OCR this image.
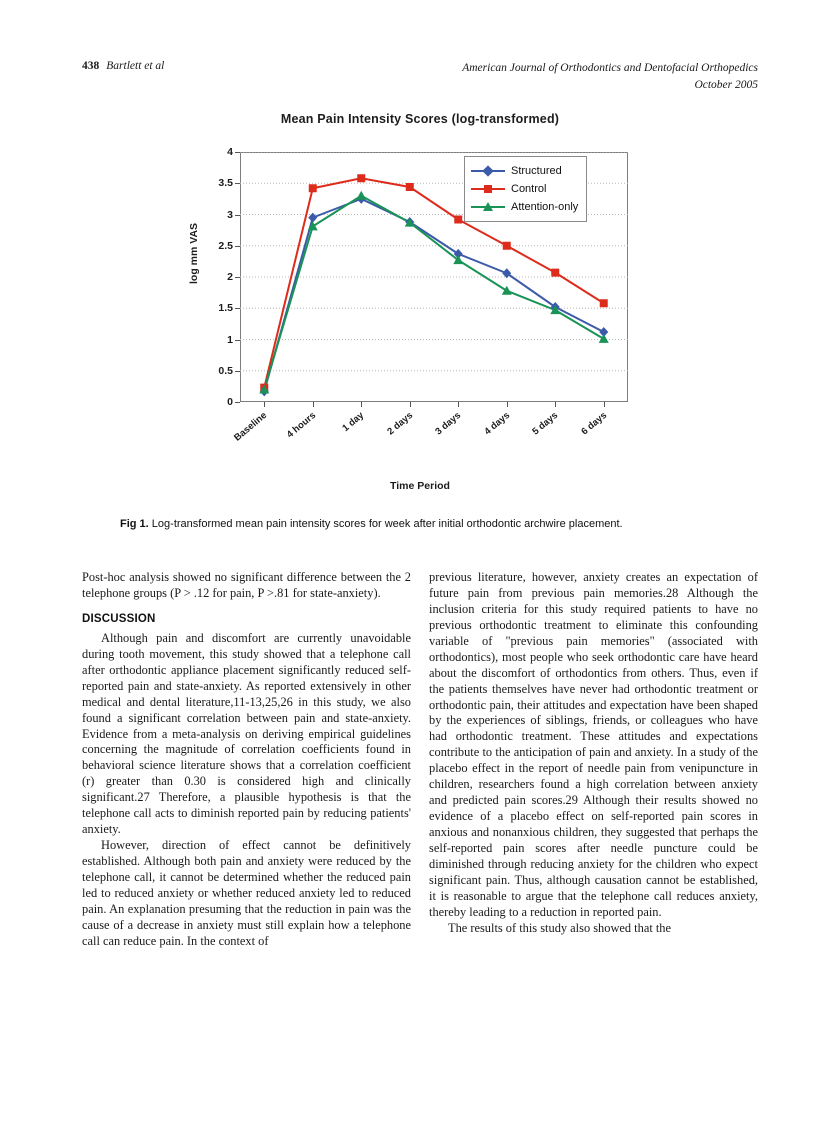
438 Bartlett et al	American Journal of Orthodontics and Dentofacial Orthopedics
October 2005
Mean Pain Intensity Scores (log-transformed)
log mm VAS
Time Period
0
0.5
1
1.5
2
2.5
3
3.5
4
Baseline	4 hours	1 day	2 days	3 days	4 days	5 days	6 days
Structured
Control
Attention-only
Fig 1. Log-transformed mean pain intensity scores for week after initial orthodontic archwire placement.

Post-hoc analysis showed no significant difference between the 2 telephone groups (P > .12 for pain, P >.81 for state-anxiety).

DISCUSSION

Although pain and discomfort are currently unavoidable during tooth movement, this study showed that a telephone call after orthodontic appliance placement significantly reduced self-reported pain and state-anxiety. As reported extensively in other medical and dental literature,11-13,25,26 in this study, we also found a significant correlation between pain and state-anxiety. Evidence from a meta-analysis on deriving empirical guidelines concerning the magnitude of correlation coefficients found in behavioral science literature shows that a correlation coefficient (r) greater than 0.30 is considered high and clinically significant.27 Therefore, a plausible hypothesis is that the telephone call acts to diminish reported pain by reducing patients' anxiety.

However, direction of effect cannot be definitively established. Although both pain and anxiety were reduced by the telephone call, it cannot be determined whether the reduced pain led to reduced anxiety or whether reduced anxiety led to reduced pain. An explanation presuming that the reduction in pain was the cause of a decrease in anxiety must still explain how a telephone call can reduce pain. In the context of

previous literature, however, anxiety creates an expectation of future pain from previous pain memories.28 Although the inclusion criteria for this study required patients to have no previous orthodontic treatment to eliminate this confounding variable of "previous pain memories" (associated with orthodontics), most people who seek orthodontic care have heard about the discomfort of orthodontics from others. Thus, even if the patients themselves have never had orthodontic treatment or orthodontic pain, their attitudes and expectation have been shaped by the experiences of siblings, friends, or colleagues who have had orthodontic treatment. These attitudes and expectations contribute to the anticipation of pain and anxiety. In a study of the placebo effect in the report of needle pain from venipuncture in children, researchers found a high correlation between anxiety and predicted pain scores.29 Although their results showed no evidence of a placebo effect on self-reported pain scores in anxious and nonanxious children, they suggested that perhaps the self-reported pain scores after needle puncture could be diminished through reducing anxiety for the children who expect significant pain. Thus, although causation cannot be established, it is reasonable to argue that the telephone call reduces anxiety, thereby leading to a reduction in reported pain.

The results of this study also showed that the
